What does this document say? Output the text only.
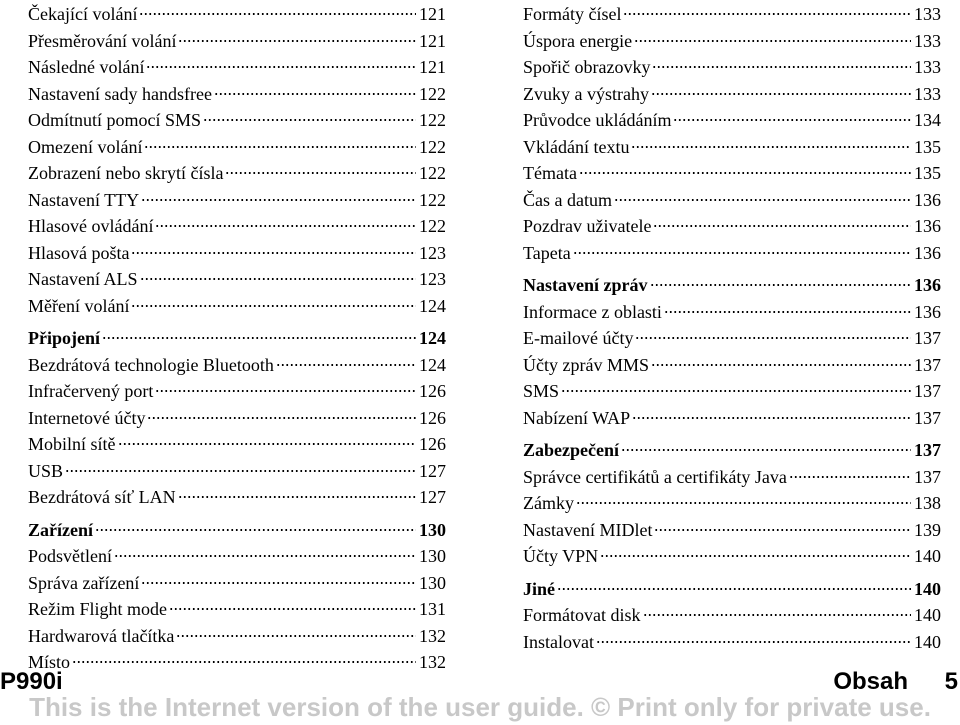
Čekající volání	121
Přesměrování volání	121
Následné volání	121
Nastavení sady handsfree	122
Odmítnutí pomocí SMS	122
Omezení volání	122
Zobrazení nebo skrytí čísla	122
Nastavení TTY	122
Hlasové ovládání	122
Hlasová pošta	123
Nastavení ALS	123
Měření volání	124
Připojení	124
Bezdrátová technologie Bluetooth	124
Infračervený port	126
Internetové účty	126
Mobilní sítě	126
USB	127
Bezdrátová síť LAN	127
Zařízení	130
Podsvětlení	130
Správa zařízení	130
Režim Flight mode	131
Hardwarová tlačítka	132
Místo	132
Formáty čísel	133
Úspora energie	133
Spořič obrazovky	133
Zvuky a výstrahy	133
Průvodce ukládáním	134
Vkládání textu	135
Témata	135
Čas a datum	136
Pozdrav uživatele	136
Tapeta	136
Nastavení zpráv	136
Informace z oblasti	136
E-mailové účty	137
Účty zpráv MMS	137
SMS	137
Nabízení WAP	137
Zabezpečení	137
Správce certifikátů a certifikáty Java	137
Zámky	138
Nastavení MIDlet	139
Účty VPN	140
Jiné	140
Formátovat disk	140
Instalovat	140
P990i	Obsah 5
This is the Internet version of the user guide. © Print only for private use.
